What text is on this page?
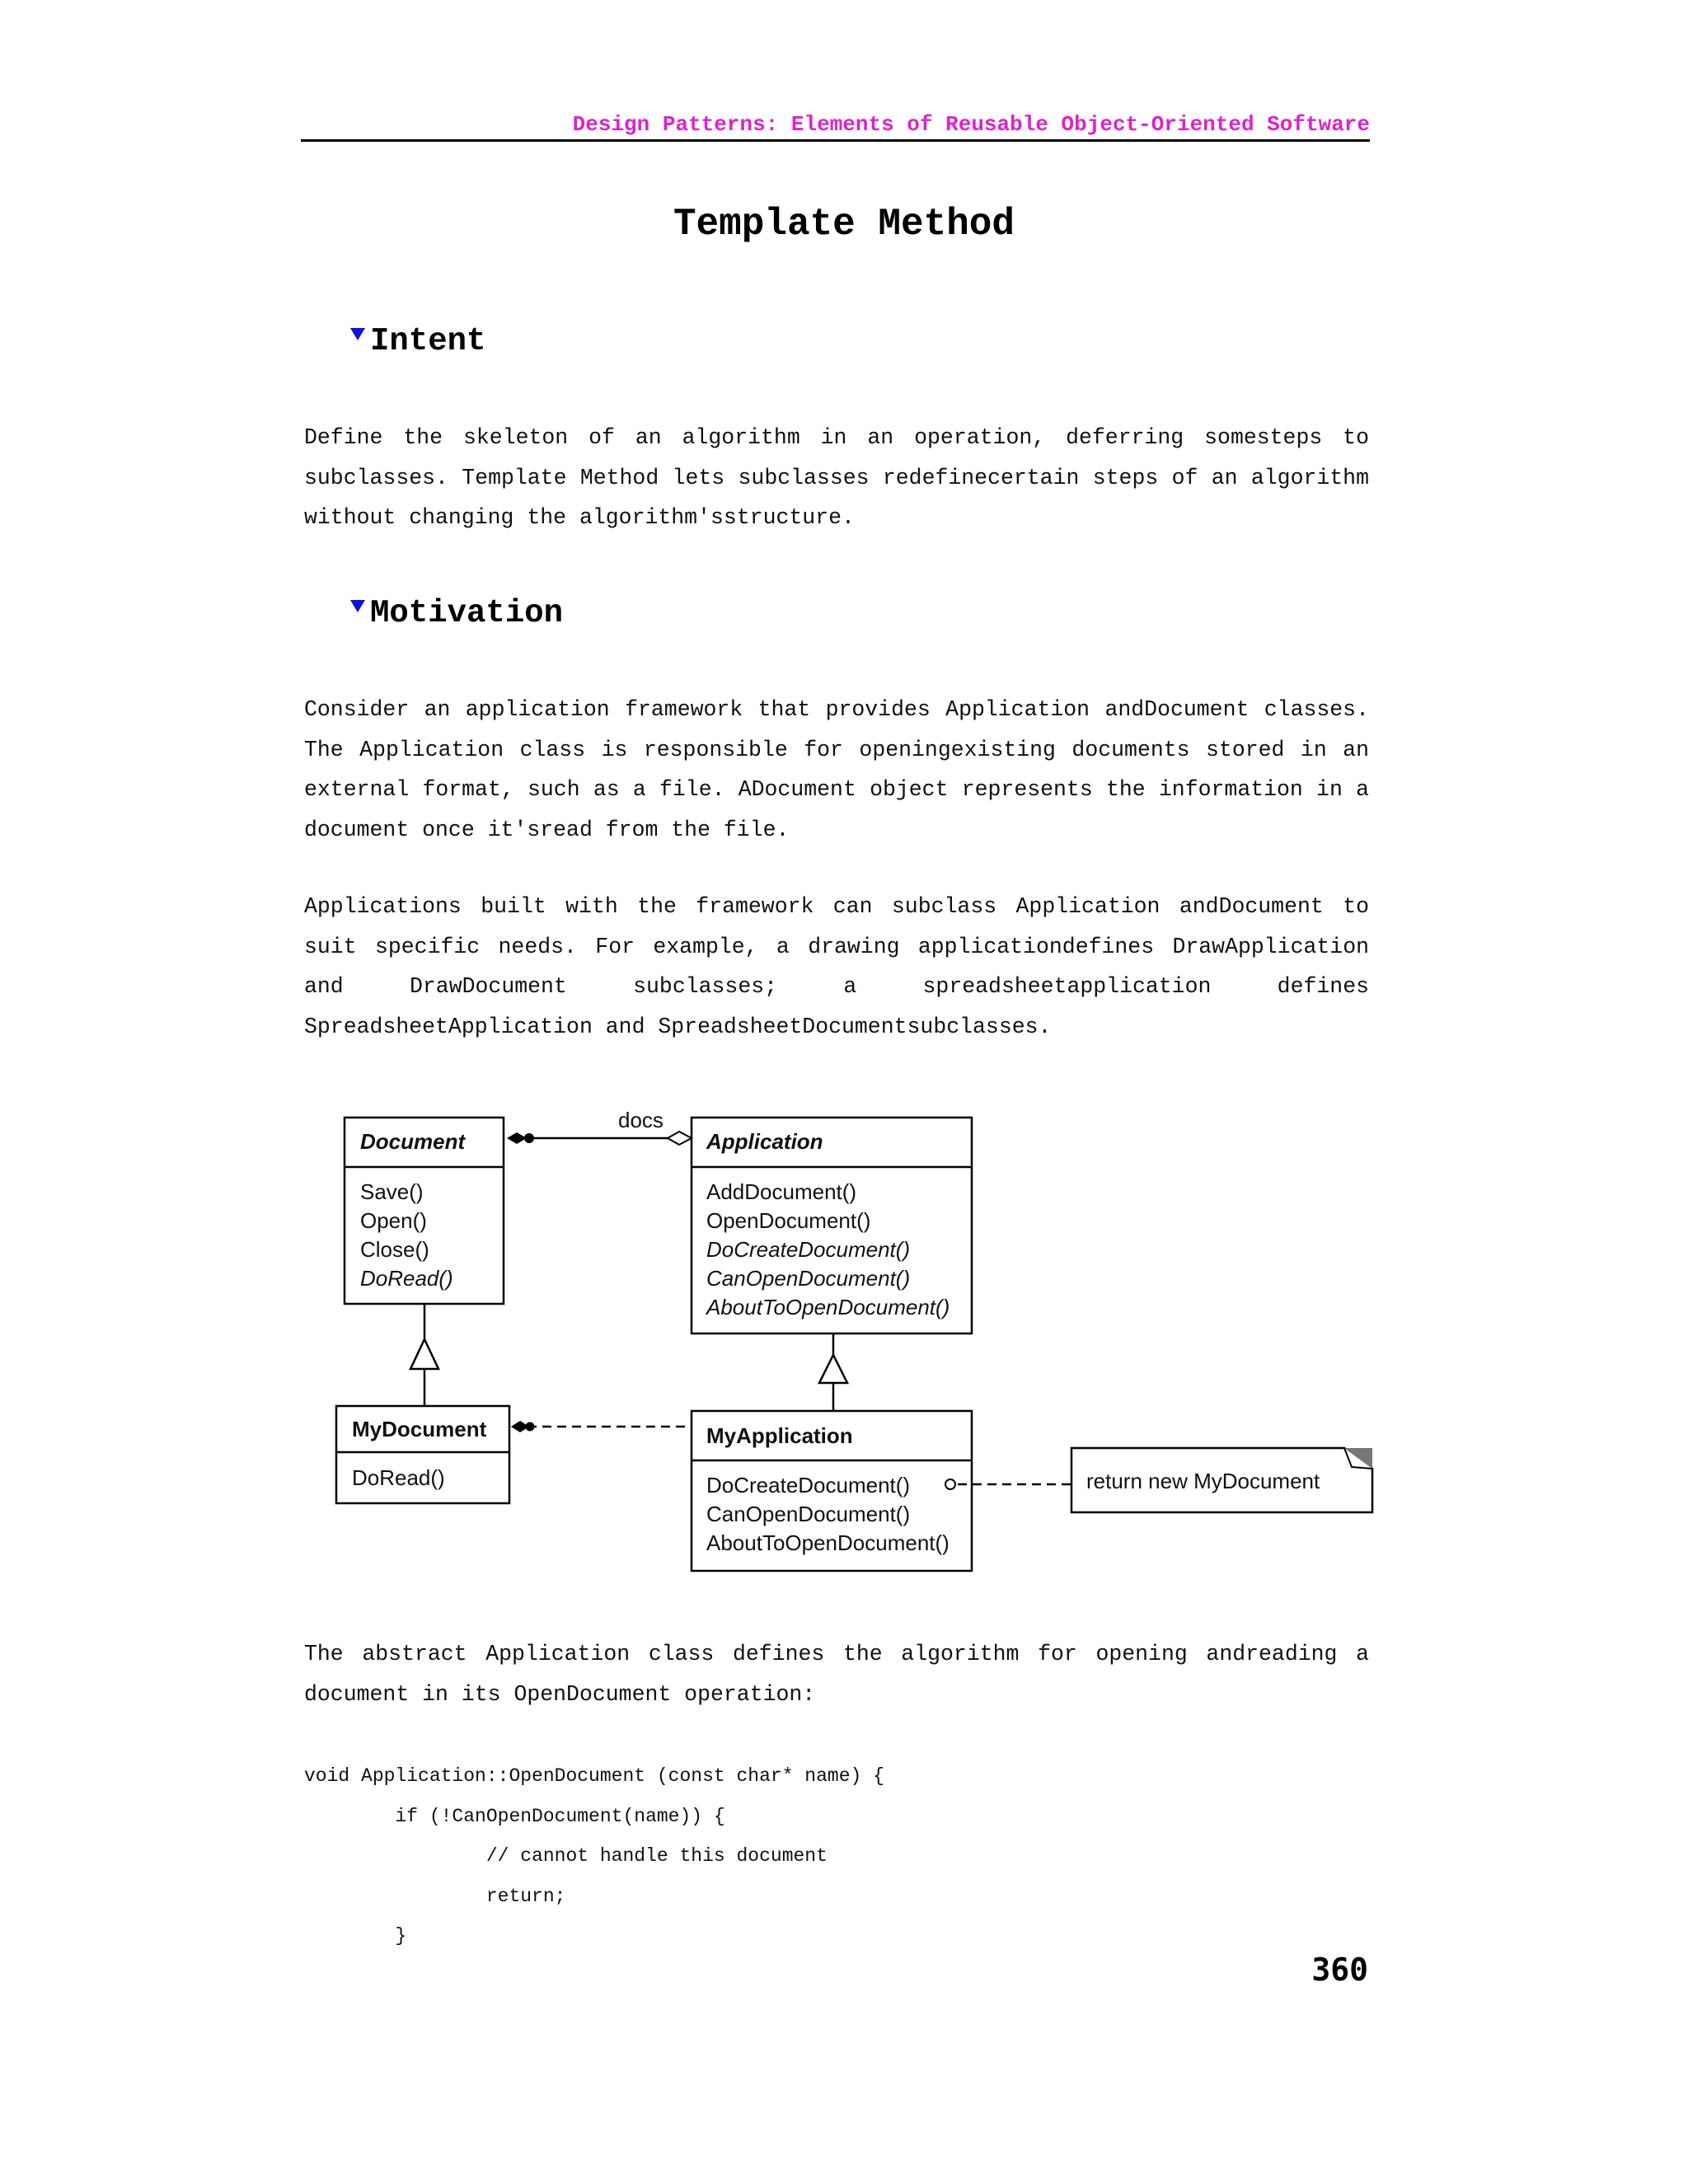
Design Patterns: Elements of Reusable Object-Oriented Software
Template Method
Intent

Define the skeleton of an algorithm in an operation, deferring somesteps to subclasses. Template Method lets subclasses redefinecertain steps of an algorithm without changing the algorithm'sstructure.

Motivation

Consider an application framework that provides Application andDocument classes. The Application class is responsible for openingexisting documents stored in an external format, such as a file. ADocument object represents the information in a document once it'sread from the file.

Applications built with the framework can subclass Application andDocument to suit specific needs. For example, a drawing applicationdefines DrawApplication and DrawDocument subclasses; a spreadsheetapplication defines SpreadsheetApplication and SpreadsheetDocumentsubclasses.

Document
Save()
Open()
Close()
DoRead()
Application
AddDocument()
OpenDocument()
DoCreateDocument()
CanOpenDocument()
AboutToOpenDocument()
docs
MyDocument
DoRead()
MyApplication
DoCreateDocument()
CanOpenDocument()
AboutToOpenDocument()
return new MyDocument

The abstract Application class defines the algorithm for opening andreading a document in its OpenDocument operation:

void Application::OpenDocument (const char* name) {
if (!CanOpenDocument(name)) {
// cannot handle this document
return;
}
360
